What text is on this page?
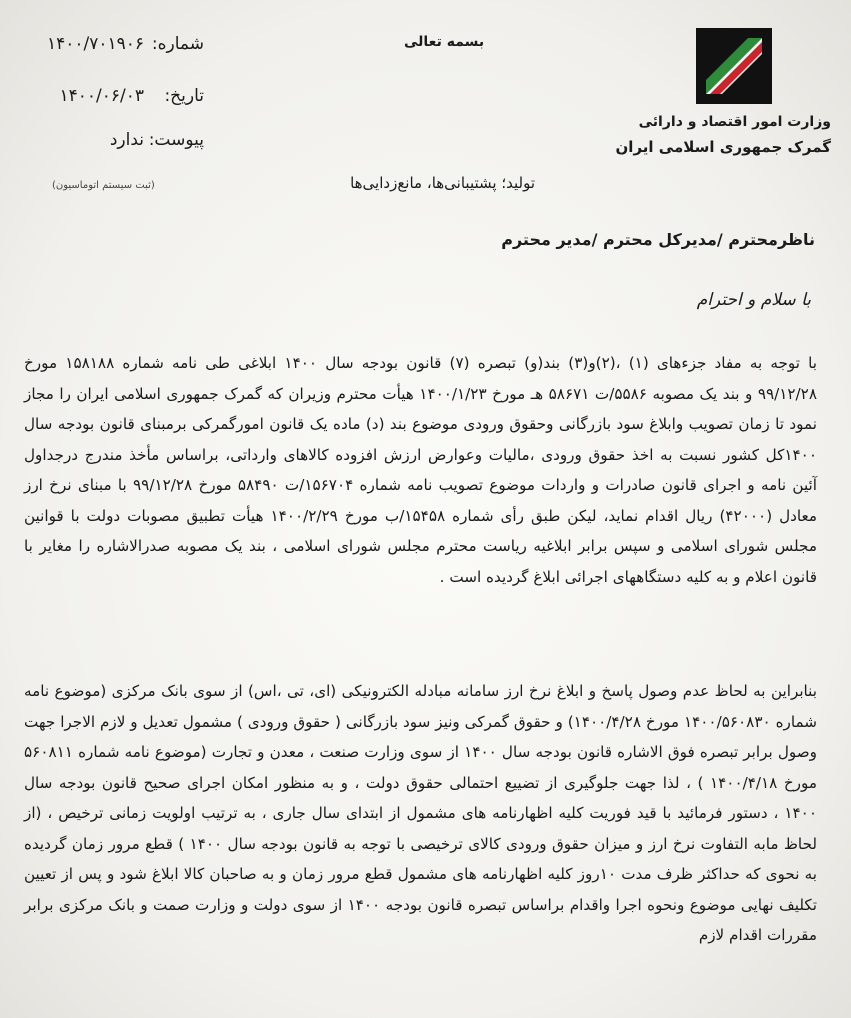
وزارت امور اقتصاد و دارائی
گمرک جمهوری اسلامی ایران
بسمه تعالی
شماره:
۱۴۰۰/۷۰۱۹۰۶
تاریخ:
۱۴۰۰/۰۶/۰۳
پیوست:
ندارد
(ثبت سیستم اتوماسیون)	تولید؛ پشتیبانی‌ها، مانع‌زدایی‌ها
ناظرمحترم /مدیرکل محترم /مدیر محترم
با سلام و احترام

با توجه به مفاد جزءهای (۱) ،(۲)و(۳) بند(و) تبصره (۷) قانون بودجه سال ۱۴۰۰ ابلاغی طی نامه شماره ۱۵۸۱۸۸ مورخ ۹۹/۱۲/۲۸ و بند یک مصوبه ۵۵۸۶/ت ۵۸۶۷۱ هـ مورخ ۱۴۰۰/۱/۲۳ هیأت محترم وزیران که گمرک جمهوری اسلامی ایران را مجاز نمود تا زمان تصویب وابلاغ سود بازرگانی وحقوق ورودی موضوع بند (د) ماده یک قانون امورگمرکی برمبنای قانون بودجه سال ۱۴۰۰کل کشور نسبت به اخذ حقوق ورودی ،مالیات وعوارض ارزش افزوده کالاهای وارداتی، براساس مأخذ مندرج درجداول آئین نامه و اجرای قانون صادرات و واردات موضوع تصویب نامه شماره ۱۵۶۷۰۴/ت ۵۸۴۹۰ مورخ ۹۹/۱۲/۲۸ با مبنای نرخ ارز معادل (۴۲۰۰۰) ریال اقدام نماید، لیکن طبق رأی شماره ۱۵۴۵۸/ب مورخ ۱۴۰۰/۲/۲۹ هیأت تطبیق مصوبات دولت با قوانین مجلس شورای اسلامی و سپس برابر ابلاغیه ریاست محترم مجلس شورای اسلامی ، بند یک مصوبه صدرالاشاره را مغایر با قانون اعلام و به کلیه دستگاههای اجرائی ابلاغ گردیده است .

بنابراین به لحاظ عدم وصول پاسخ و ابلاغ نرخ ارز سامانه مبادله الکترونیکی (ای، تی ،اس) از سوی بانک مرکزی (موضوع نامه شماره ۱۴۰۰/۵۶۰۸۳۰ مورخ ۱۴۰۰/۴/۲۸) و حقوق گمرکی ونیز سود بازرگانی ( حقوق ورودی ) مشمول تعدیل و لازم الاجرا جهت وصول برابر تبصره فوق الاشاره قانون بودجه سال ۱۴۰۰ از سوی وزارت صنعت ، معدن و تجارت (موضوع نامه شماره ۵۶۰۸۱۱ مورخ ۱۴۰۰/۴/۱۸ ) ، لذا جهت جلوگیری از تضییع احتمالی حقوق دولت ، و به منظور امکان اجرای صحیح قانون بودجه سال ۱۴۰۰ ، دستور فرمائید با قید فوریت کلیه اظهارنامه های مشمول از ابتدای سال جاری ، به ترتیب اولویت زمانی ترخیص ، (از لحاظ مابه التفاوت نرخ ارز و میزان حقوق ورودی کالای ترخیصی با توجه به قانون بودجه سال ۱۴۰۰ ) قطع مرور زمان گردیده به نحوی که حداکثر ظرف مدت ۱۰روز کلیه اظهارنامه های مشمول قطع مرور زمان و به صاحبان کالا ابلاغ شود و پس از تعیین تکلیف نهایی موضوع ونحوه اجرا واقدام براساس تبصره قانون بودجه ۱۴۰۰ از سوی دولت و وزارت صمت و بانک مرکزی برابر مقررات اقدام لازم
